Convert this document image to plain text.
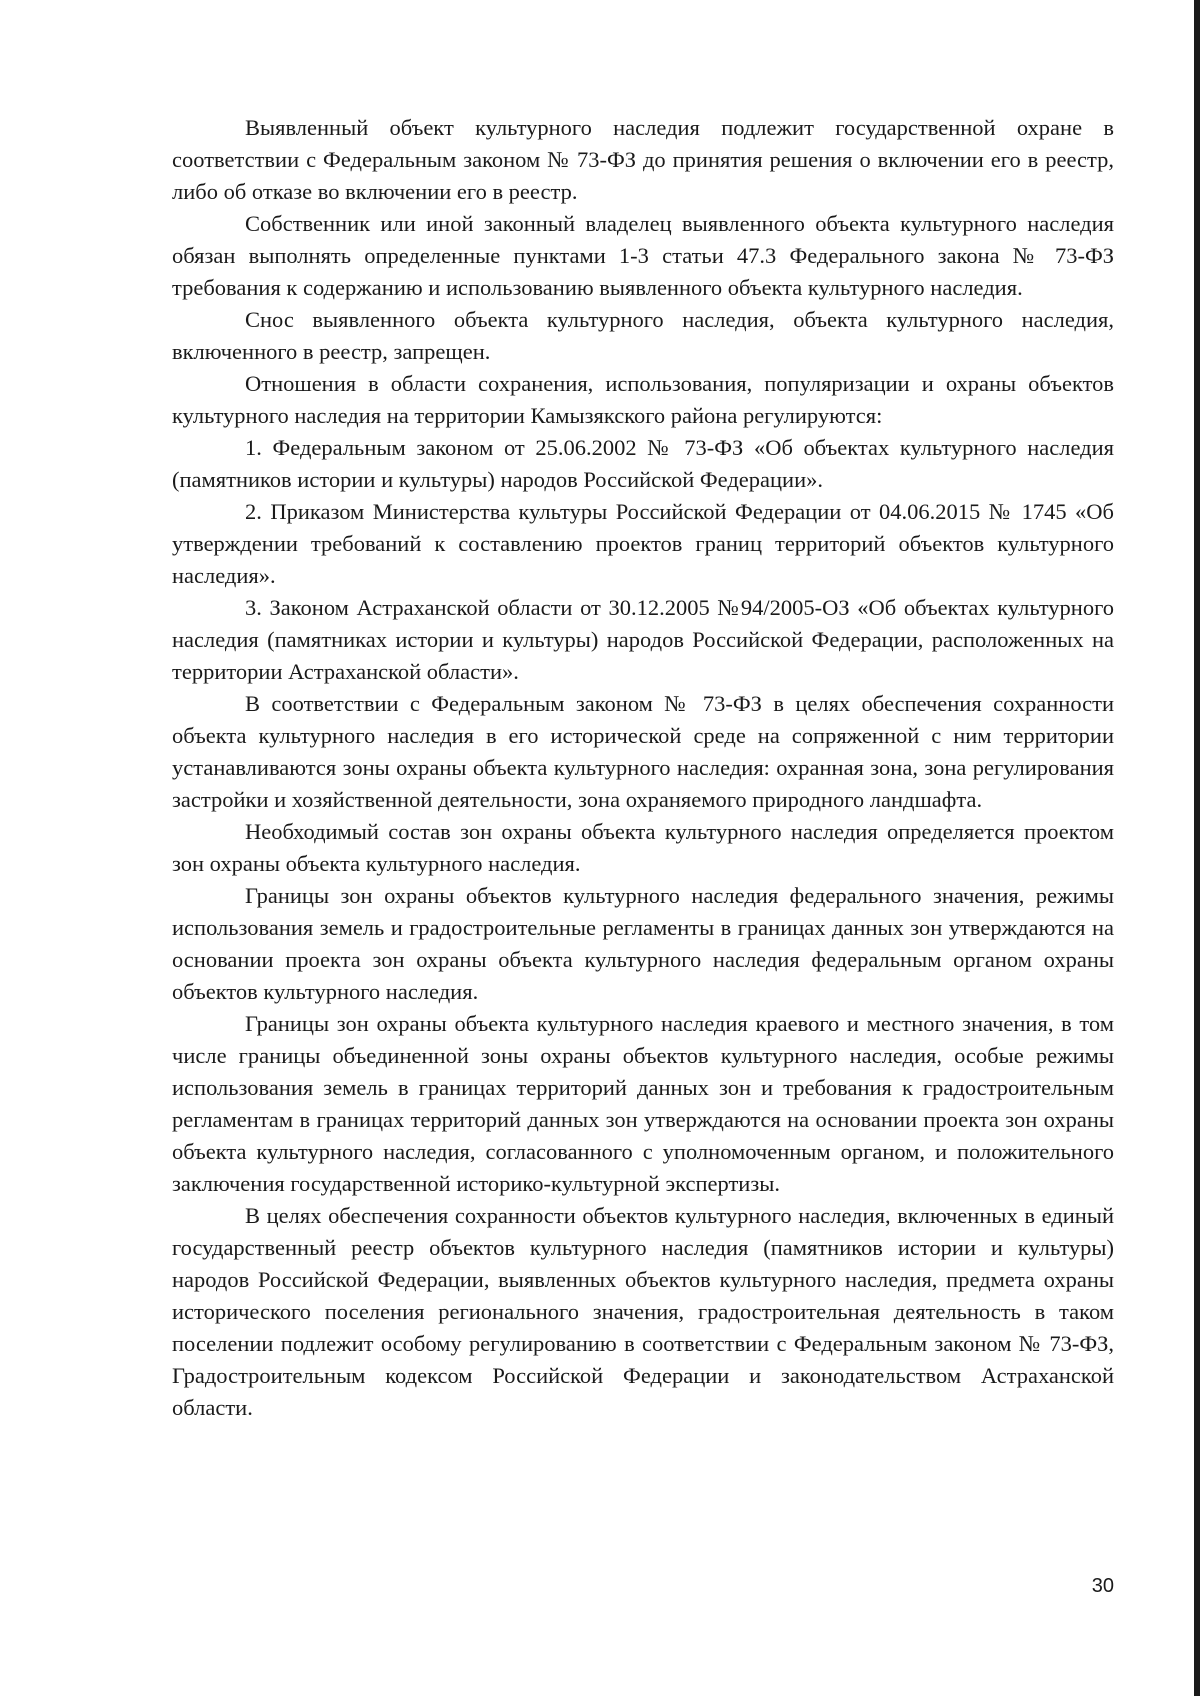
Выявленный объект культурного наследия подлежит государственной охране в соответствии с Федеральным законом № 73-ФЗ до принятия решения о включении его в реестр, либо об отказе во включении его в реестр.

Собственник или иной законный владелец выявленного объекта культурного наследия обязан выполнять определенные пунктами 1-3 статьи 47.3 Федерального закона № 73-ФЗ требования к содержанию и использованию выявленного объекта культурного наследия.

Снос выявленного объекта культурного наследия, объекта культурного наследия, включенного в реестр, запрещен.

Отношения в области сохранения, использования, популяризации и охраны объектов культурного наследия на территории Камызякского района регулируются:

1. Федеральным законом от 25.06.2002 № 73-ФЗ «Об объектах культурного наследия (памятников истории и культуры) народов Российской Федерации».

2. Приказом Министерства культуры Российской Федерации от 04.06.2015 № 1745 «Об утверждении требований к составлению проектов границ территорий объектов культурного наследия».

3. Законом Астраханской области от 30.12.2005 №94/2005-ОЗ «Об объектах культурного наследия (памятниках истории и культуры) народов Российской Федерации, расположенных на территории Астраханской области».

В соответствии с Федеральным законом № 73-ФЗ в целях обеспечения сохранности объекта культурного наследия в его исторической среде на сопряженной с ним территории устанавливаются зоны охраны объекта культурного наследия: охранная зона, зона регулирования застройки и хозяйственной деятельности, зона охраняемого природного ландшафта.

Необходимый состав зон охраны объекта культурного наследия определяется проектом зон охраны объекта культурного наследия.

Границы зон охраны объектов культурного наследия федерального значения, режимы использования земель и градостроительные регламенты в границах данных зон утверждаются на основании проекта зон охраны объекта культурного наследия федеральным органом охраны объектов культурного наследия.

Границы зон охраны объекта культурного наследия краевого и местного значения, в том числе границы объединенной зоны охраны объектов культурного наследия, особые режимы использования земель в границах территорий данных зон и требования к градостроительным регламентам в границах территорий данных зон утверждаются на основании проекта зон охраны объекта культурного наследия, согласованного с уполномоченным органом, и положительного заключения государственной историко-культурной экспертизы.

В целях обеспечения сохранности объектов культурного наследия, включенных в единый государственный реестр объектов культурного наследия (памятников истории и культуры) народов Российской Федерации, выявленных объектов культурного наследия, предмета охраны исторического поселения регионального значения, градостроительная деятельность в таком поселении подлежит особому регулированию в соответствии с Федеральным законом № 73-ФЗ, Градостроительным кодексом Российской Федерации и законодательством Астраханской области.

30
